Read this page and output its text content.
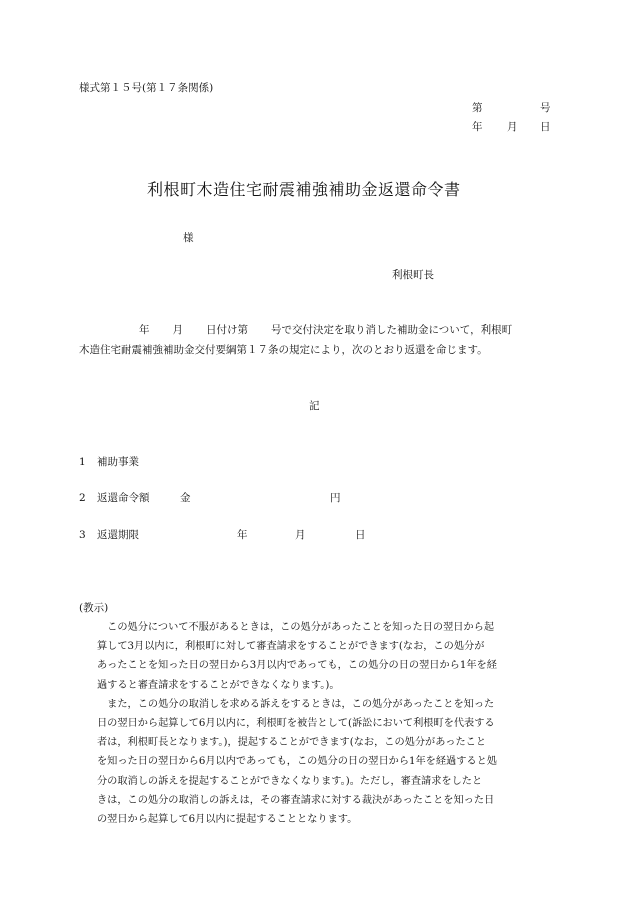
様式第１５号(第１７条関係)
第	号
年 月 日
利根町木造住宅耐震補強補助金返還命令書
様
利根町長
年 月 日付け第 号で交付決定を取り消した補助金について，利根町
木造住宅耐震補強補助金交付要綱第１７条の規定により，次のとおり返還を命じます。
記
1 補助事業
2 返還命令額	金	円
3 返還期限	年	月	日
(教示)

　この処分について不服があるときは，この処分があったことを知った日の翌日から起

算して3月以内に，利根町に対して審査請求をすることができます(なお，この処分が

あったことを知った日の翌日から3月以内であっても，この処分の日の翌日から1年を経

過すると審査請求をすることができなくなります。)。

　また，この処分の取消しを求める訴えをするときは，この処分があったことを知った

日の翌日から起算して6月以内に，利根町を被告として(訴訟において利根町を代表する

者は，利根町長となります。)，提起することができます(なお，この処分があったこと

を知った日の翌日から6月以内であっても，この処分の日の翌日から1年を経過すると処

分の取消しの訴えを提起することができなくなります。)。ただし，審査請求をしたと

きは，この処分の取消しの訴えは，その審査請求に対する裁決があったことを知った日

の翌日から起算して6月以内に提起することとなります。
